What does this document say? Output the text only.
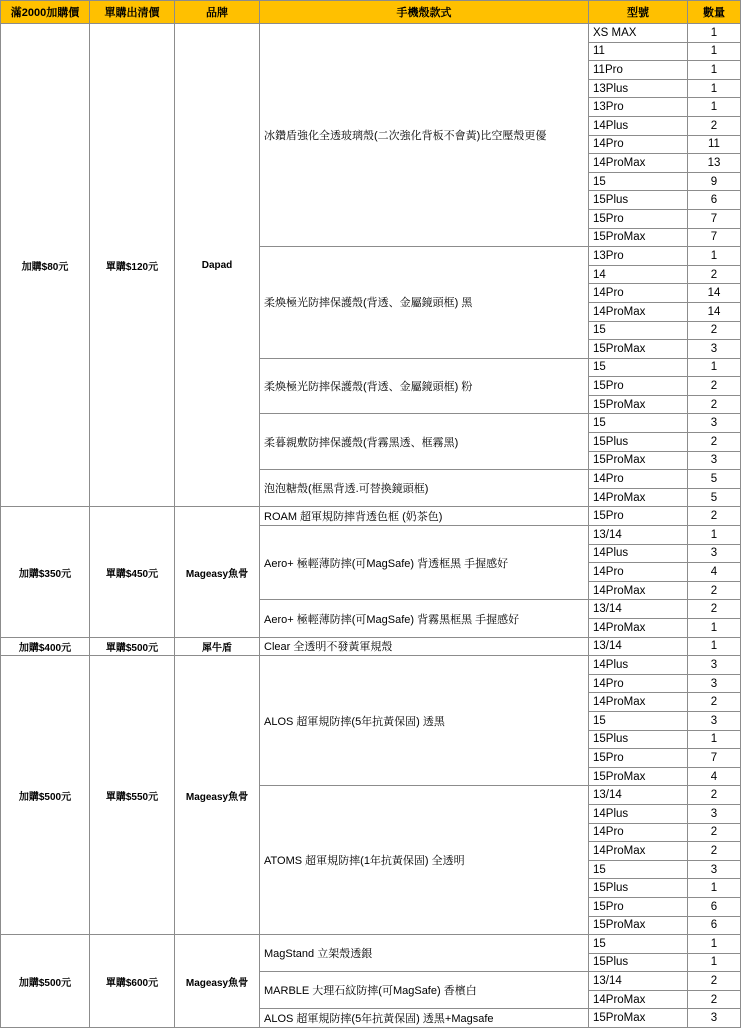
滿2000加購價	單購出清價	品牌	手機殼款式	型號	數量
加購$80元	單購$120元	Dapad	冰鑽盾強化全透玻璃殼(二次強化背板不會黃)比空壓殼更優	XS MAX	1
				11	1
				11Pro	1
				13Plus	1
				13Pro	1
				14Plus	2
				14Pro	11
				14ProMax	13
				15	9
				15Plus	6
				15Pro	7
				15ProMax	7
			柔煥極光防摔保護殼(背透、金屬鏡頭框) 黑	13Pro	1
				14	2
				14Pro	14
				14ProMax	14
				15	2
				15ProMax	3
			柔煥極光防摔保護殼(背透、金屬鏡頭框) 粉	15	1
				15Pro	2
				15ProMax	2
			柔暮親敷防摔保護殼(背霧黑透、框霧黑)	15	3
				15Plus	2
				15ProMax	3
			泡泡糖殼(框黑背透.可替換鏡頭框)	14Pro	5
				14ProMax	5
加購$350元	單購$450元	Mageasy魚骨	ROAM 超軍規防摔背透色框 (奶茶色)	15Pro	2
			Aero+ 極輕薄防摔(可MagSafe) 背透框黑 手握感好	13/14	1
				14Plus	3
				14Pro	4
				14ProMax	2
			Aero+ 極輕薄防摔(可MagSafe) 背霧黑框黑 手握感好	13/14	2
				14ProMax	1
加購$400元	單購$500元	犀牛盾	Clear 全透明不發黃軍規殼	13/14	1
加購$500元	單購$550元	Mageasy魚骨	ALOS 超軍規防摔(5年抗黃保固) 透黑	14Plus	3
				14Pro	3
				14ProMax	2
				15	3
				15Plus	1
				15Pro	7
				15ProMax	4
			ATOMS 超軍規防摔(1年抗黃保固) 全透明	13/14	2
				14Plus	3
				14Pro	2
				14ProMax	2
				15	3
				15Plus	1
				15Pro	6
				15ProMax	6
加購$500元	單購$600元	Mageasy魚骨	MagStand 立架殼透銀	15	1
				15Plus	1
			MARBLE 大理石紋防摔(可MagSafe) 香檳白	13/14	2
				14ProMax	2
			ALOS 超軍規防摔(5年抗黃保固) 透黑+Magsafe	15ProMax	3
